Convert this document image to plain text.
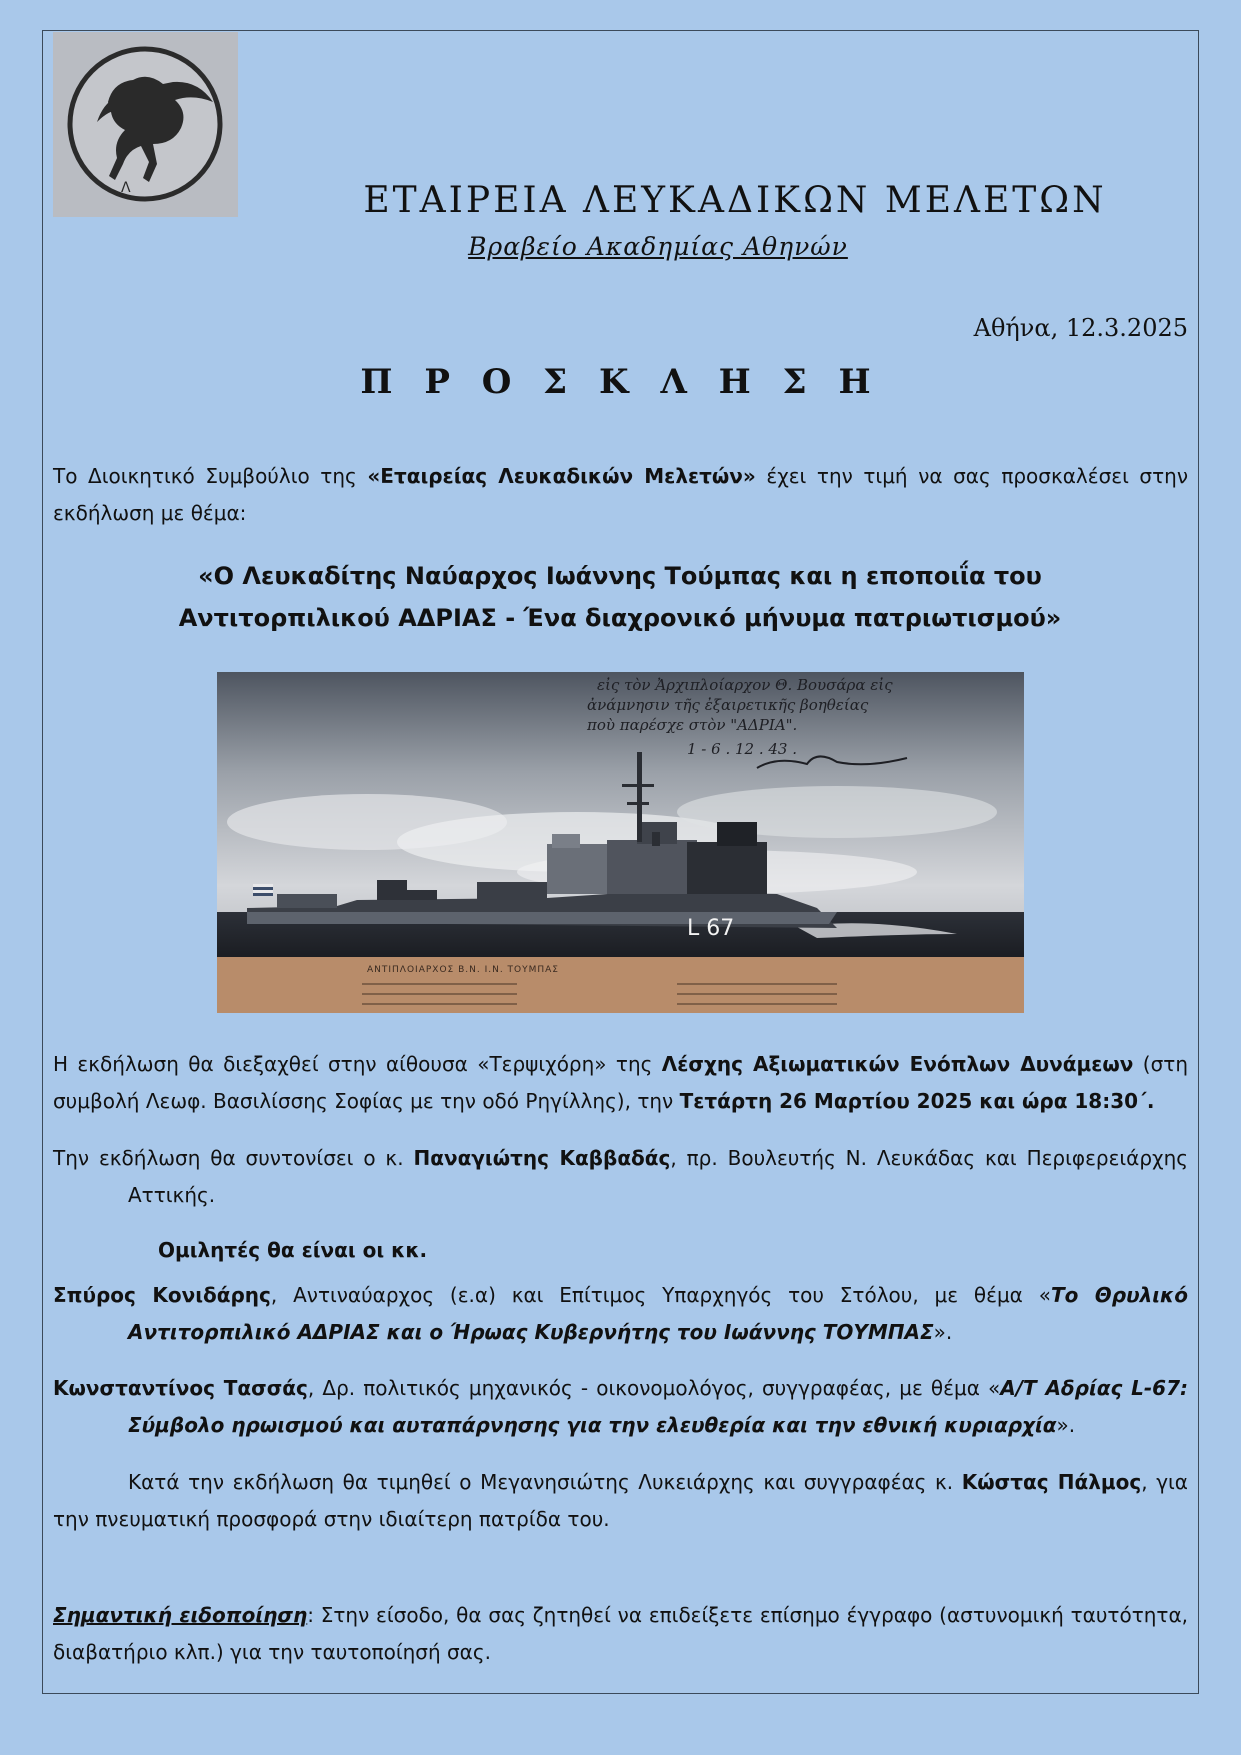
Λ	ΕΤΑΙΡΕΙΑ ΛΕΥΚΑΔΙΚΩΝ ΜΕΛΕΤΩΝ
Βραβείο Ακαδημίας Αθηνών
Αθήνα, 12.3.2025
Π Ρ Ο Σ Κ Λ Η Σ Η

Το Διοικητικό Συμβούλιο της «Εταιρείας Λευκαδικών Μελετών» έχει την τιμή να σας προσκαλέσει στην εκδήλωση με θέμα:

«Ο Λευκαδίτης Ναύαρχος Ιωάννης Τούμπας και η εποποιΐα του
Αντιτορπιλικού ΑΔΡΙΑΣ - Ένα διαχρονικό μήνυμα πατριωτισμού»
L 67
εἰς τὸν Ἀρχιπλοίαρχον Θ. Βουσάρα εἰς
ἀνάμνησιν τῆς ἐξαιρετικῆς βοηθείας
ποὺ παρέσχε στὸν "ΑΔΡΙΑ".
1 - 6 . 12 . 43 .
ΑΝΤΙΠΛΟΙΑΡΧΟΣ Β.Ν. Ι.Ν. ΤΟΥΜΠΑΣ

Η εκδήλωση θα διεξαχθεί στην αίθουσα «Τερψιχόρη» της Λέσχης Αξιωματικών Ενόπλων Δυνάμεων (στη συμβολή Λεωφ. Βασιλίσσης Σοφίας με την οδό Ρηγίλλης), την Τετάρτη 26 Μαρτίου 2025 και ώρα 18:30΄.

Την εκδήλωση θα συντονίσει ο κ. Παναγιώτης Καββαδάς, πρ. Βουλευτής Ν. Λευκάδας και Περιφερειάρχης Αττικής.

Ομιλητές θα είναι οι κκ.

Σπύρος Κονιδάρης, Αντιναύαρχος (ε.α) και Επίτιμος Υπαρχηγός του Στόλου, με θέμα «Το Θρυλικό Αντιτορπιλικό ΑΔΡΙΑΣ και ο Ήρωας Κυβερνήτης του Ιωάννης ΤΟΥΜΠΑΣ».

Κωνσταντίνος Τασσάς, Δρ. πολιτικός μηχανικός - οικονομολόγος, συγγραφέας, με θέμα «Α/Τ Αδρίας L-67: Σύμβολο ηρωισμού και αυταπάρνησης για την ελευθερία και την εθνική κυριαρχία».

Κατά την εκδήλωση θα τιμηθεί ο Μεγανησιώτης Λυκειάρχης και συγγραφέας κ. Κώστας Πάλμος, για την πνευματική προσφορά στην ιδιαίτερη πατρίδα του.

Σημαντική ειδοποίηση: Στην είσοδο, θα σας ζητηθεί να επιδείξετε επίσημο έγγραφο (αστυνομική ταυτότητα, διαβατήριο κλπ.) για την ταυτοποίησή σας.
